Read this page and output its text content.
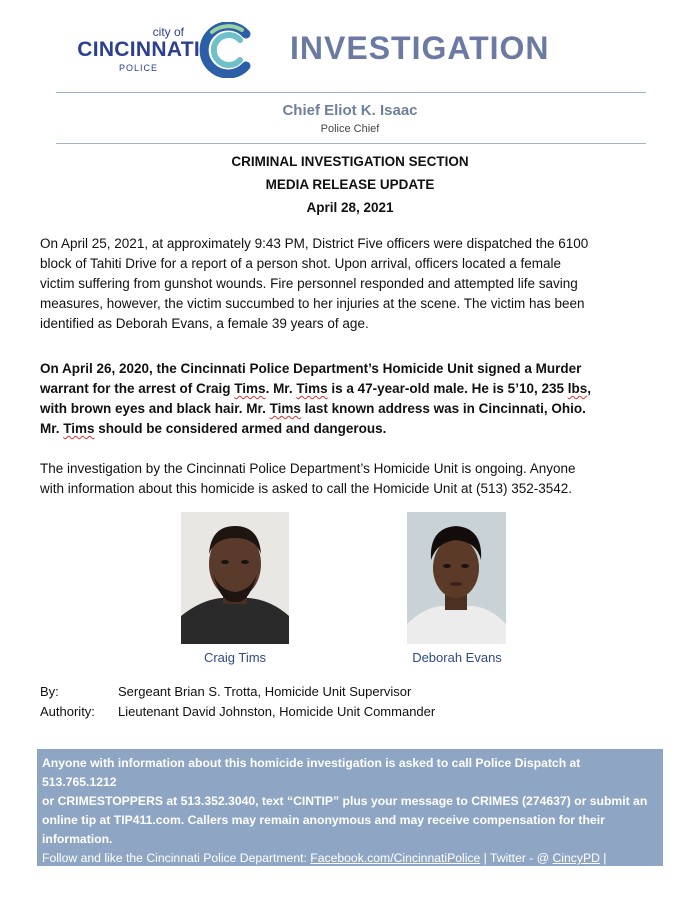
city of
CINCINNATI
POLICE
INVESTIGATION
Chief Eliot K. Isaac
Police Chief
CRIMINAL INVESTIGATION SECTION
MEDIA RELEASE UPDATE
April 28, 2021
On April 25, 2021, at approximately 9:43 PM, District Five officers were dispatched the 6100
block of Tahiti Drive for a report of a person shot. Upon arrival, officers located a female
victim suffering from gunshot wounds. Fire personnel responded and attempted life saving
measures, however, the victim succumbed to her injuries at the scene. The victim has been
identified as Deborah Evans, a female 39 years of age.
On April 26, 2020, the Cincinnati Police Department’s Homicide Unit signed a Murder
warrant for the arrest of Craig Tims. Mr. Tims is a 47-year-old male. He is 5’10, 235 lbs,
with brown eyes and black hair. Mr. Tims last known address was in Cincinnati, Ohio.
Mr. Tims should be considered armed and dangerous.
The investigation by the Cincinnati Police Department’s Homicide Unit is ongoing. Anyone
with information about this homicide is asked to call the Homicide Unit at (513) 352-3542.
Craig Tims	Deborah Evans
By:	Sergeant Brian S. Trotta, Homicide Unit Supervisor
Authority: Lieutenant David Johnston, Homicide Unit Commander
Anyone with information about this homicide investigation is asked to call Police Dispatch at 513.765.1212
or CRIMESTOPPERS at 513.352.3040, text “CINTIP” plus your message to CRIMES (274637) or submit an
online tip at TIP411.com. Callers may remain anonymous and may receive compensation for their
information.
Follow and like the Cincinnati Police Department: Facebook.com/CincinnatiPolice | Twitter - @ CincyPD |
Nextdoor - Cincinnati Police | Instagram.com/CincinnatiPolice
